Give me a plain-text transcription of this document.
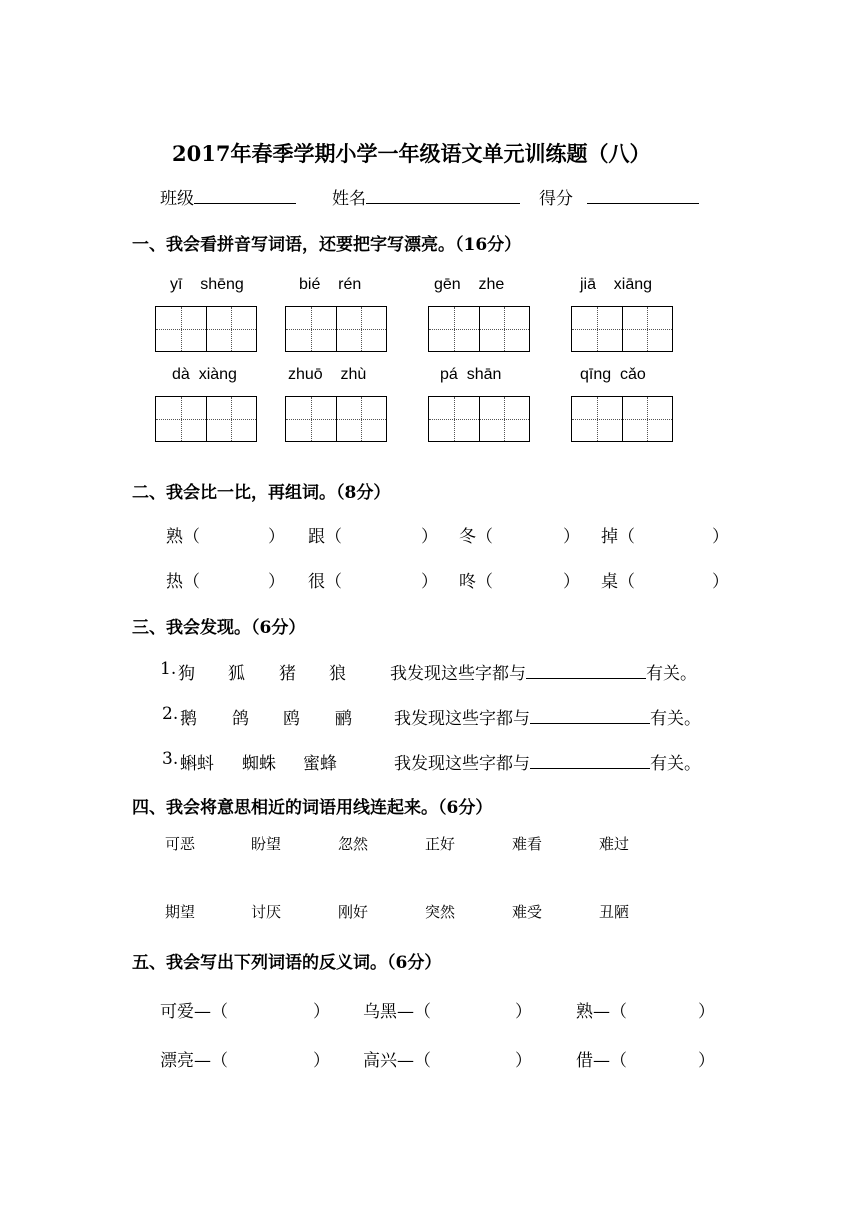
2017年春季学期小学一年级语文单元训练题（八）
班级	姓名	得分
一、我会看拼音写词语，还要把字写漂亮。（16分）
yī shēng	bié rén	gēn zhe	jiā xiāng
dà xiàng	zhuō zhù	pá shān	qīng cǎo
二、我会比一比，再组词。（8分）
熟（	） 跟（	） 冬（	） 掉（	）
热（	） 很（	） 咚（	） 桌（	）
三、我会发现。（6分）
1. 狗 狐 猪 狼	我发现这些字都与	有关。
2. 鹅 鸽 鸥 鹂 我发现这些字都与	有关。
3. 蝌蚪 蜘蛛 蜜蜂	我发现这些字都与	有关。
四、我会将意思相近的词语用线连起来。（6分）
可恶	盼望	忽然	正好	难看	难过
期望	讨厌	刚好	突然	难受	丑陋
五、我会写出下列词语的反义词。（6分）
可爱—（	） 乌黑—（	）	熟—（	）
漂亮—（	） 高兴—（	）	借—（	）
